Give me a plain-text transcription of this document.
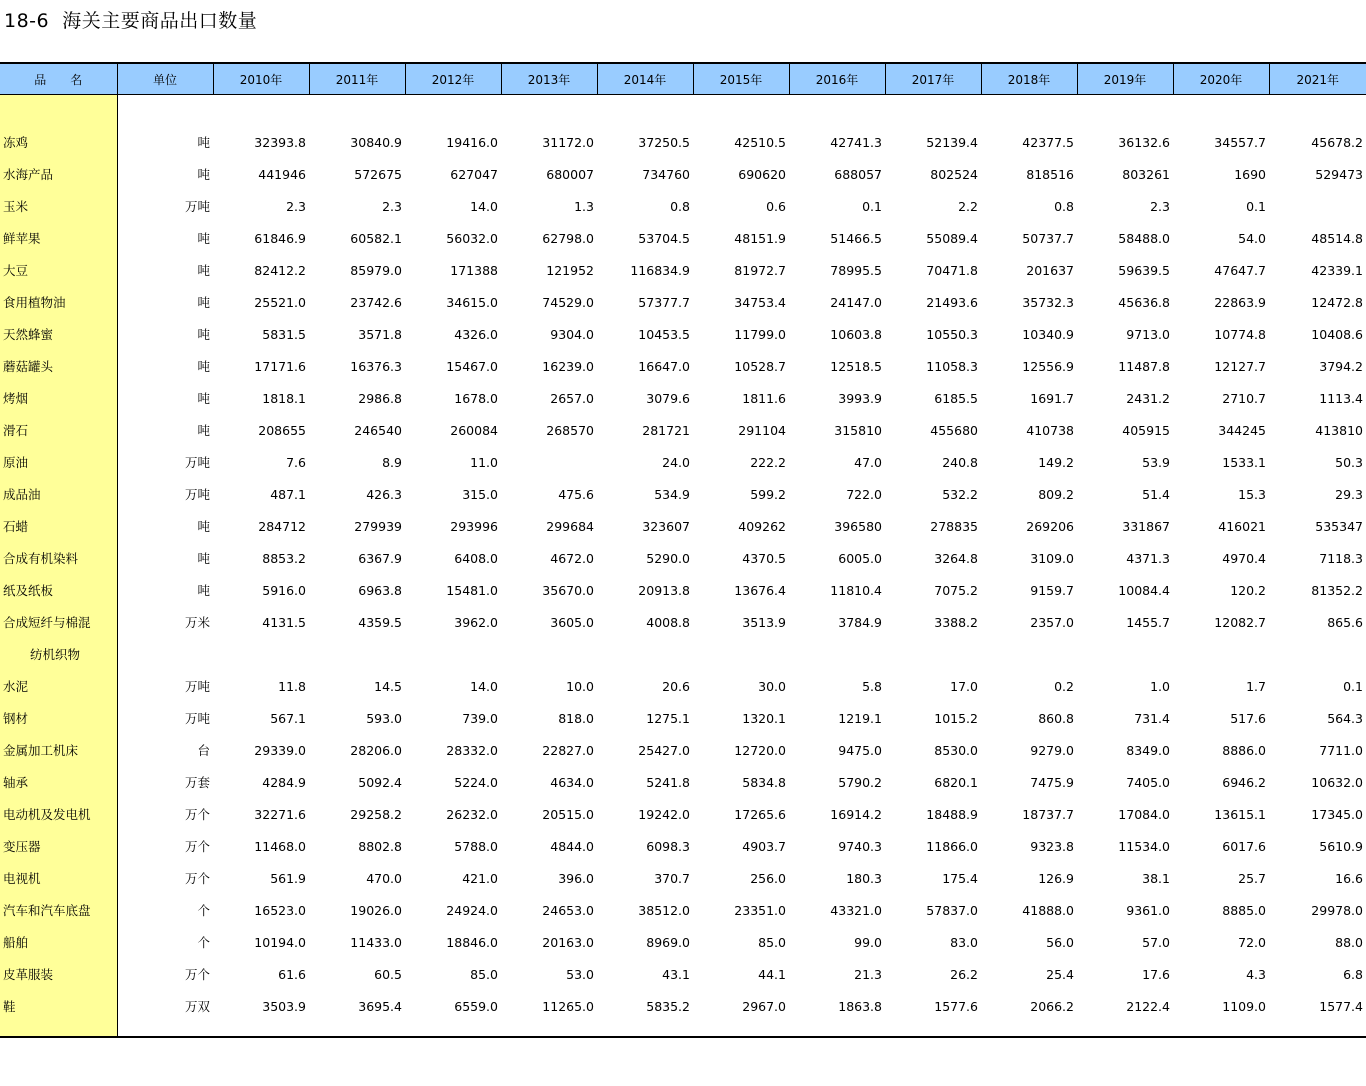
18-6  海关主要商品出口数量
品　　名	单位	2010年	2011年	2012年	2013年	2014年	2015年	2016年	2017年	2018年	2019年	2020年	2021年

冻鸡	吨	32393.8	30840.9	19416.0	31172.0	37250.5	42510.5	42741.3	52139.4	42377.5	36132.6	34557.7	45678.2
水海产品	吨	441946	572675	627047	680007	734760	690620	688057	802524	818516	803261	1690	529473
玉米	万吨	2.3	2.3	14.0	1.3	0.8	0.6	0.1	2.2	0.8	2.3	0.1	
鲜苹果	吨	61846.9	60582.1	56032.0	62798.0	53704.5	48151.9	51466.5	55089.4	50737.7	58488.0	54.0	48514.8
大豆	吨	82412.2	85979.0	171388	121952	116834.9	81972.7	78995.5	70471.8	201637	59639.5	47647.7	42339.1
食用植物油	吨	25521.0	23742.6	34615.0	74529.0	57377.7	34753.4	24147.0	21493.6	35732.3	45636.8	22863.9	12472.8
天然蜂蜜	吨	5831.5	3571.8	4326.0	9304.0	10453.5	11799.0	10603.8	10550.3	10340.9	9713.0	10774.8	10408.6
蘑菇罐头	吨	17171.6	16376.3	15467.0	16239.0	16647.0	10528.7	12518.5	11058.3	12556.9	11487.8	12127.7	3794.2
烤烟	吨	1818.1	2986.8	1678.0	2657.0	3079.6	1811.6	3993.9	6185.5	1691.7	2431.2	2710.7	1113.4
滑石	吨	208655	246540	260084	268570	281721	291104	315810	455680	410738	405915	344245	413810
原油	万吨	7.6	8.9	11.0		24.0	222.2	47.0	240.8	149.2	53.9	1533.1	50.3
成品油	万吨	487.1	426.3	315.0	475.6	534.9	599.2	722.0	532.2	809.2	51.4	15.3	29.3
石蜡	吨	284712	279939	293996	299684	323607	409262	396580	278835	269206	331867	416021	535347
合成有机染料	吨	8853.2	6367.9	6408.0	4672.0	5290.0	4370.5	6005.0	3264.8	3109.0	4371.3	4970.4	7118.3
纸及纸板	吨	5916.0	6963.8	15481.0	35670.0	20913.8	13676.4	11810.4	7075.2	9159.7	10084.4	120.2	81352.2
合成短纤与棉混	万米	4131.5	4359.5	3962.0	3605.0	4008.8	3513.9	3784.9	3388.2	2357.0	1455.7	12082.7	865.6
纺机织物													
水泥	万吨	11.8	14.5	14.0	10.0	20.6	30.0	5.8	17.0	0.2	1.0	1.7	0.1
钢材	万吨	567.1	593.0	739.0	818.0	1275.1	1320.1	1219.1	1015.2	860.8	731.4	517.6	564.3
金属加工机床	台	29339.0	28206.0	28332.0	22827.0	25427.0	12720.0	9475.0	8530.0	9279.0	8349.0	8886.0	7711.0
轴承	万套	4284.9	5092.4	5224.0	4634.0	5241.8	5834.8	5790.2	6820.1	7475.9	7405.0	6946.2	10632.0
电动机及发电机	万个	32271.6	29258.2	26232.0	20515.0	19242.0	17265.6	16914.2	18488.9	18737.7	17084.0	13615.1	17345.0
变压器	万个	11468.0	8802.8	5788.0	4844.0	6098.3	4903.7	9740.3	11866.0	9323.8	11534.0	6017.6	5610.9
电视机	万个	561.9	470.0	421.0	396.0	370.7	256.0	180.3	175.4	126.9	38.1	25.7	16.6
汽车和汽车底盘	个	16523.0	19026.0	24924.0	24653.0	38512.0	23351.0	43321.0	57837.0	41888.0	9361.0	8885.0	29978.0
船舶	个	10194.0	11433.0	18846.0	20163.0	8969.0	85.0	99.0	83.0	56.0	57.0	72.0	88.0
皮革服装	万个	61.6	60.5	85.0	53.0	43.1	44.1	21.3	26.2	25.4	17.6	4.3	6.8
鞋	万双	3503.9	3695.4	6559.0	11265.0	5835.2	2967.0	1863.8	1577.6	2066.2	2122.4	1109.0	1577.4
